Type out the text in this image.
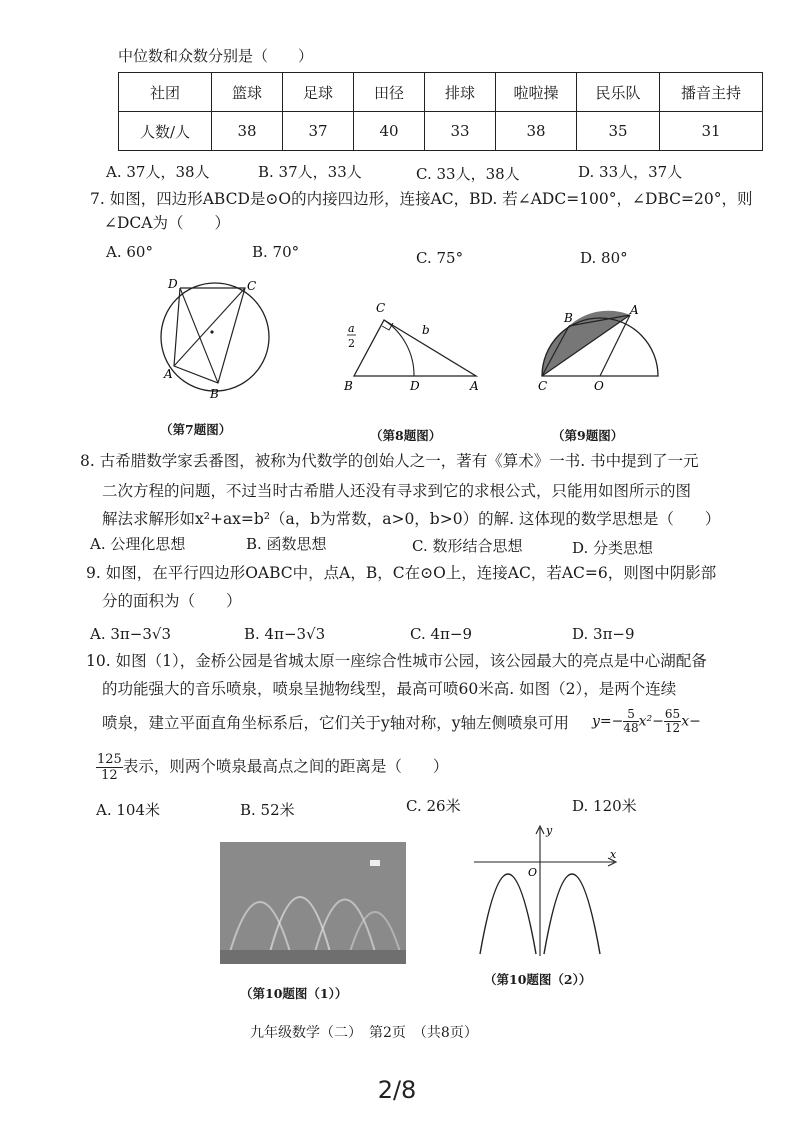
中位数和众数分别是（　　）
社团	篮球	足球	田径	排球	啦啦操	民乐队	播音主持
人数/人	38	37	40	33	38	35	31
A. 37人，38人	B. 37人，33人	C. 33人，38人	D. 33人，37人
7. 如图，四边形ABCD是⊙O的内接四边形，连接AC，BD. 若∠ADC=100°，∠DBC=20°，则
∠DCA为（　　）
A. 60°	B. 70°	C. 75°	D. 80°
D	C
A
B
（第7题图）
C
a
2
b
B	D	A
（第8题图）
B
A
C	O
（第9题图）
8. 古希腊数学家丢番图，被称为代数学的创始人之一，著有《算术》一书. 书中提到了一元
二次方程的问题，不过当时古希腊人还没有寻求到它的求根公式，只能用如图所示的图
解法求解形如x²+ax=b²（a，b为常数，a>0，b>0）的解. 这体现的数学思想是（　　）
A. 公理化思想	B. 函数思想	C. 数形结合思想	D. 分类思想
9. 如图，在平行四边形OABC中，点A，B，C在⊙O上，连接AC，若AC=6，则图中阴影部
分的面积为（　　）
A. 3π−3√3	B. 4π−3√3	C. 4π−9	D. 3π−9
10. 如图（1），金桥公园是省城太原一座综合性城市公园，该公园最大的亮点是中心湖配备
的功能强大的音乐喷泉，喷泉呈抛物线型，最高可喷60米高. 如图（2），是两个连续
喷泉，建立平面直角坐标系后，它们关于y轴对称，y轴左侧喷泉可用 $y=- \frac{5}{48} x^2- \frac{65}{12} x-$
$\frac{125}{12}$ 表示，则两个喷泉最高点之间的距离是（　　）
A. 104米	B. 52米	C. 26米	D. 120米
（第10题图（1））
y
x
O
（第10题图（2））
九年级数学（二）　第2页　（共8页）
2/8
